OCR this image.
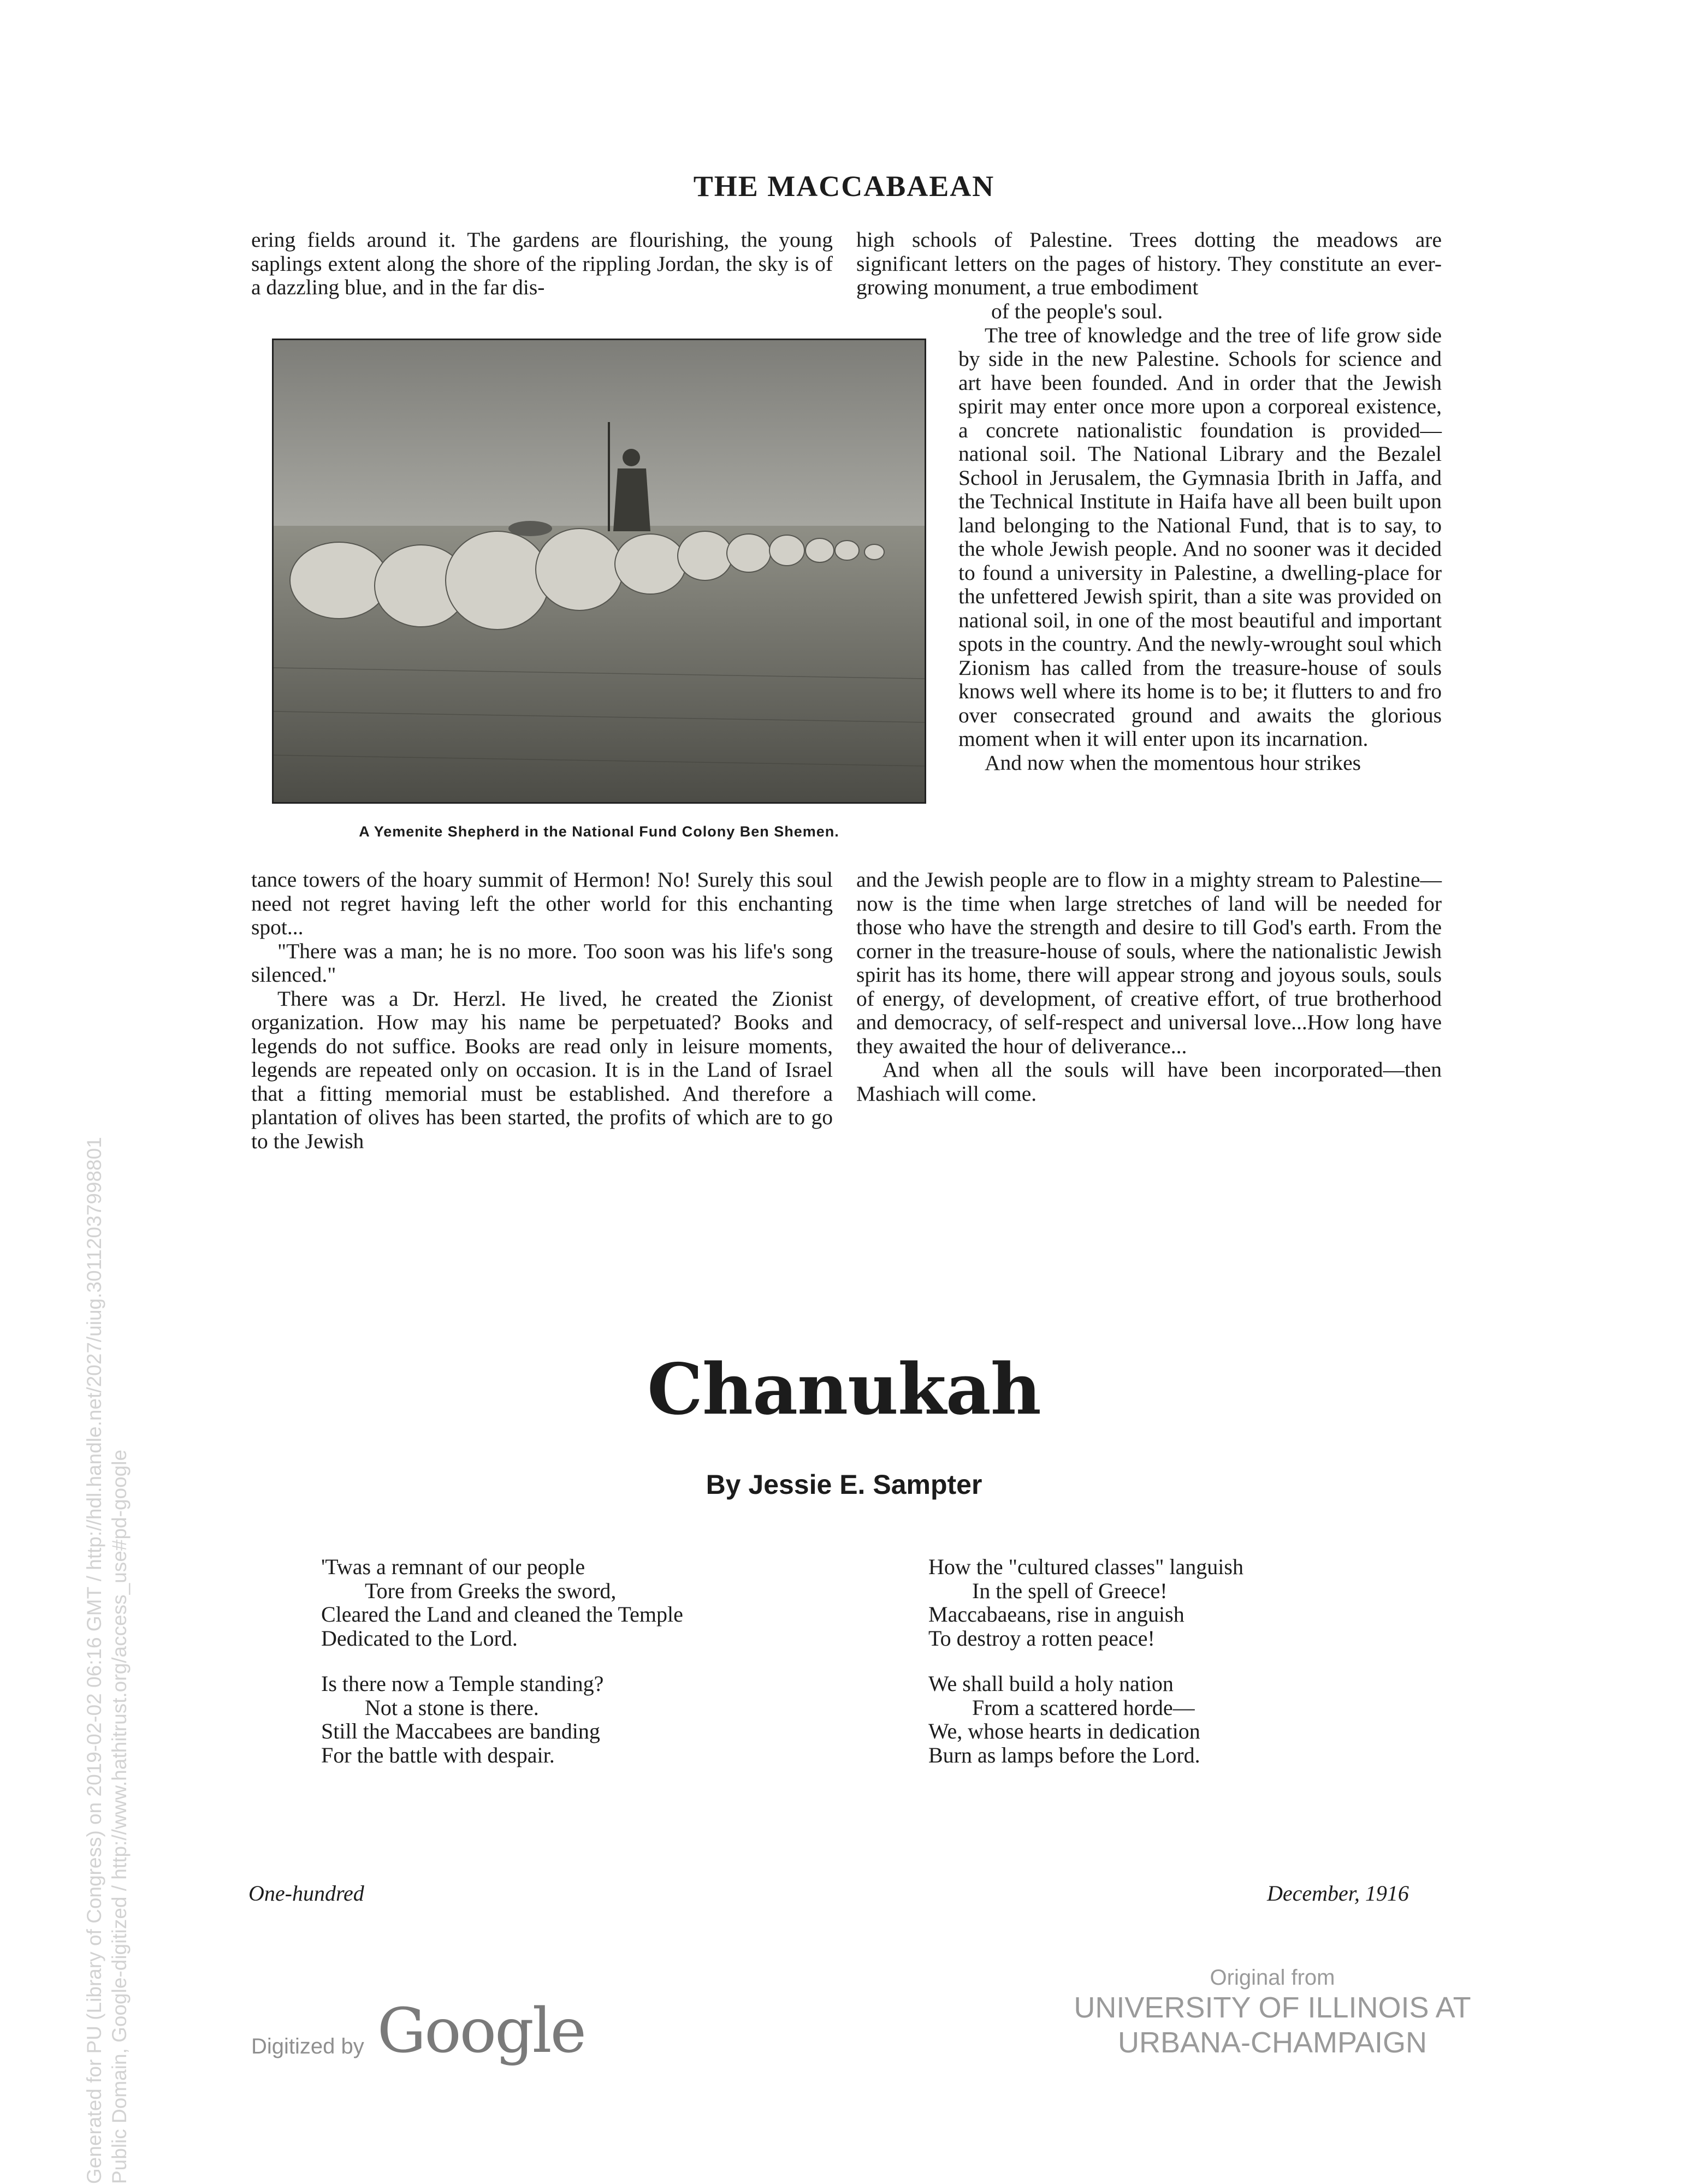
THE MACCABAEAN

ering fields around it. The gardens are flourishing, the young saplings extent along the shore of the rippling Jordan, the sky is of a dazzling blue, and in the far dis-

high schools of Palestine. Trees dotting the meadows are significant letters on the pages of history. They constitute an ever-growing monument, a true embodiment

A Yemenite Shepherd in the National Fund Colony Ben Shemen.

of the people's soul.

The tree of knowledge and the tree of life grow side by side in the new Palestine. Schools for science and art have been founded. And in order that the Jewish spirit may enter once more upon a corporeal existence, a concrete nationalistic foundation is provided—national soil. The National Library and the Bezalel School in Jerusalem, the Gymnasia Ibrith in Jaffa, and the Technical Institute in Haifa have all been built upon land belonging to the National Fund, that is to say, to the whole Jewish people. And no sooner was it decided to found a university in Palestine, a dwelling-place for the unfettered Jewish spirit, than a site was provided on national soil, in one of the most beautiful and important spots in the country. And the newly-wrought soul which Zionism has called from the treasure-house of souls knows well where its home is to be; it flutters to and fro over consecrated ground and awaits the glorious moment when it will enter upon its incarnation.

And now when the momentous hour strikes

tance towers of the hoary summit of Hermon! No! Surely this soul need not regret having left the other world for this enchanting spot...

"There was a man; he is no more. Too soon was his life's song silenced."

There was a Dr. Herzl. He lived, he created the Zionist organization. How may his name be perpetuated? Books and legends do not suffice. Books are read only in leisure moments, legends are repeated only on occasion. It is in the Land of Israel that a fitting memorial must be established. And therefore a plantation of olives has been started, the profits of which are to go to the Jewish

and the Jewish people are to flow in a mighty stream to Palestine—now is the time when large stretches of land will be needed for those who have the strength and desire to till God's earth. From the corner in the treasure-house of souls, where the nationalistic Jewish spirit has its home, there will appear strong and joyous souls, souls of energy, of development, of creative effort, of true brotherhood and democracy, of self-respect and universal love...How long have they awaited the hour of deliverance...

And when all the souls will have been incorporated—then Mashiach will come.

Chanukah
By Jessie E. Sampter
'Twas a remnant of our people
Tore from Greeks the sword,
Cleared the Land and cleaned the Temple
Dedicated to the Lord.
Is there now a Temple standing?
Not a stone is there.
Still the Maccabees are banding
For the battle with despair.
How the "cultured classes" languish
In the spell of Greece!
Maccabaeans, rise in anguish
To destroy a rotten peace!
We shall build a holy nation
From a scattered horde—
We, whose hearts in dedication
Burn as lamps before the Lord.
One-hundred	December, 1916
Digitized by Google
Original from
UNIVERSITY OF ILLINOIS AT
URBANA-CHAMPAIGN
Generated for PU (Library of Congress) on 2019-02-02 06:16 GMT / http://hdl.handle.net/2027/uiug.30112037998801 Public Domain, Google-digitized / http://www.hathitrust.org/access_use#pd-google
